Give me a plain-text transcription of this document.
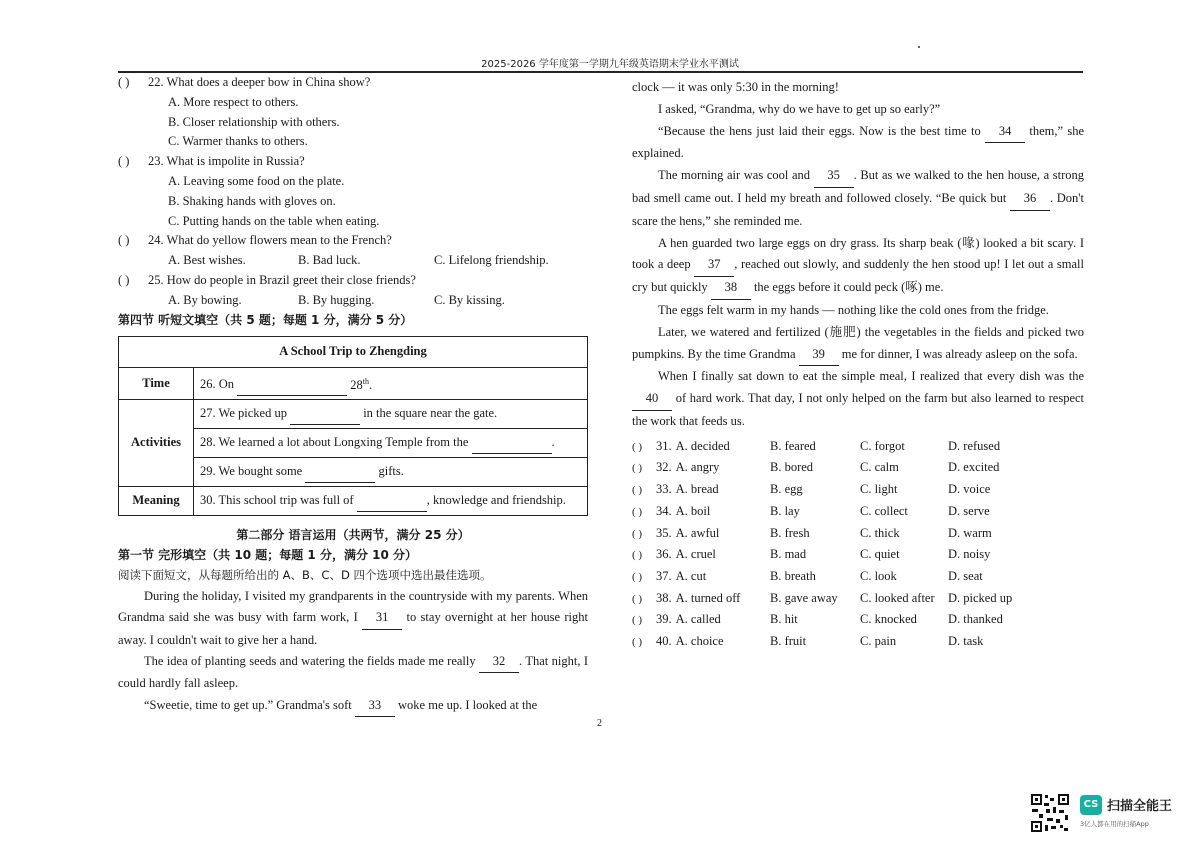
2025-2026 学年度第一学期九年级英语期末学业水平测试
( ) 22. What does a deeper bow in China show?
A. More respect to others.
B. Closer relationship with others.
C. Warmer thanks to others.
( ) 23. What is impolite in Russia?
A. Leaving some food on the plate.
B. Shaking hands with gloves on.
C. Putting hands on the table when eating.
( ) 24. What do yellow flowers mean to the French?
A. Best wishes.	B. Bad luck.	C. Lifelong friendship.
( ) 25. How do people in Brazil greet their close friends?
A. By bowing.	B. By hugging.	C. By kissing.
第四节 听短文填空（共 5 题；每题 1 分，满分 5 分）
A School Trip to Zhengding	
Time	26. On 28th.
Activities	27. We picked up in the square near the gate.
	28. We learned a lot about Longxing Temple from the .
	29. We bought some gifts.
Meaning	30. This school trip was full of , knowledge and friendship.
第二部分 语言运用（共两节，满分 25 分）
第一节 完形填空（共 10 题；每题 1 分，满分 10 分）
阅读下面短文，从每题所给出的 A、B、C、D 四个选项中选出最佳选项。
During the holiday, I visited my grandparents in the countryside with my parents. When Grandma said she was busy with farm work, I 31 to stay overnight at her house right away. I couldn't wait to give her a hand.
The idea of planting seeds and watering the fields made me really 32 . That night, I could hardly fall asleep.
“Sweetie, time to get up.” Grandma's soft 33 woke me up. I looked at the
clock — it was only 5:30 in the morning!
I asked, “Grandma, why do we have to get up so early?”
“Because the hens just laid their eggs. Now is the best time to 34 them,” she explained.
The morning air was cool and 35 . But as we walked to the hen house, a strong bad smell came out. I held my breath and followed closely. “Be quick but 36 . Don't scare the hens,” she reminded me.
A hen guarded two large eggs on dry grass. Its sharp beak (喙) looked a bit scary. I took a deep 37 , reached out slowly, and suddenly the hen stood up! I let out a small cry but quickly 38 the eggs before it could peck (啄) me.
The eggs felt warm in my hands — nothing like the cold ones from the fridge.
Later, we watered and fertilized (施肥) the vegetables in the fields and picked two pumpkins. By the time Grandma 39 me for dinner, I was already asleep on the sofa.
When I finally sat down to eat the simple meal, I realized that every dish was the 40 of hard work. That day, I not only helped on the farm but also learned to respect the work that feeds us.
( ) 31. A. decided	B. feared	C. forgot	D. refused
( ) 32. A. angry	B. bored	C. calm	D. excited
( ) 33. A. bread	B. egg	C. light	D. voice
( ) 34. A. boil	B. lay	C. collect	D. serve
( ) 35. A. awful	B. fresh	C. thick	D. warm
( ) 36. A. cruel	B. mad	C. quiet	D. noisy
( ) 37. A. cut	B. breath	C. look	D. seat
( ) 38. A. turned off B. gave away C. looked after D. picked up
( ) 39. A. called	B. hit	C. knocked D. thanked
( ) 40. A. choice	B. fruit	C. pain	D. task
2
CS 扫描全能王
3亿人都在用的扫描App
